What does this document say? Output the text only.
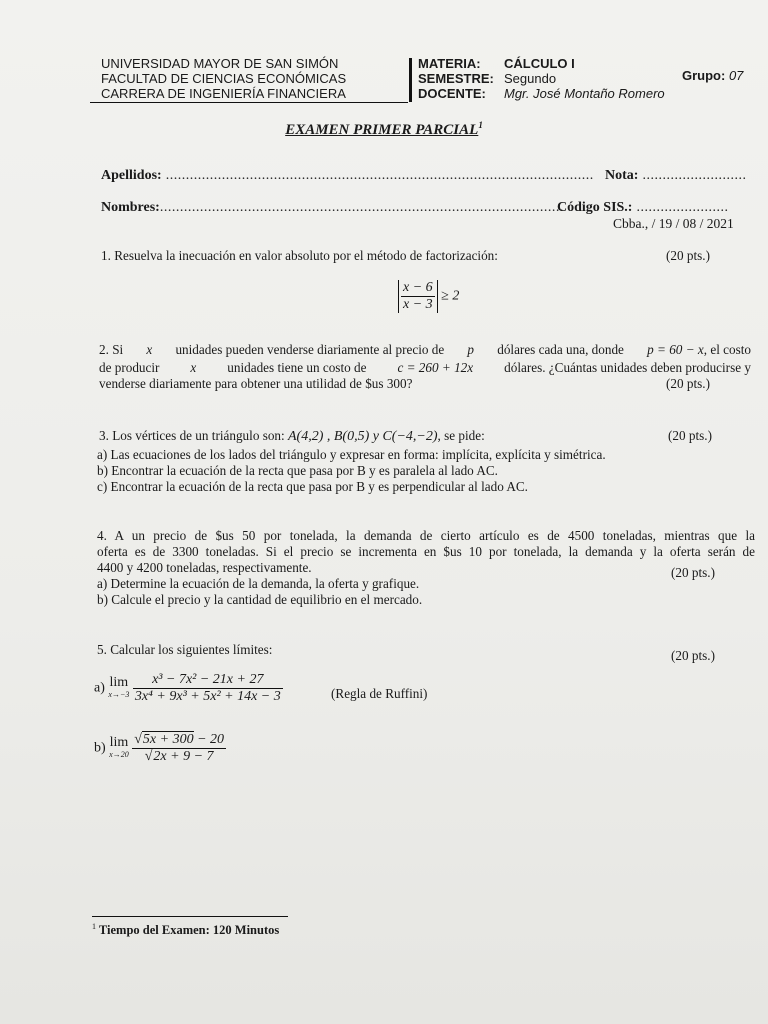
UNIVERSIDAD MAYOR DE SAN SIMÓN
FACULTAD DE CIENCIAS ECONÓMICAS
CARRERA DE INGENIERÍA FINANCIERA
MATERIA: CÁLCULO I
SEMESTRE: Segundo
DOCENTE: Mgr. José Montaño Romero
Grupo: 07
EXAMEN PRIMER PARCIAL$^1$
Apellidos: ........................................................................................................... Nota: ..........................
Nombres:.....................................................................................................
Código SIS.: .......................
Cbba., / 19 / 08 / 2021
1. Resuelva la inecuación en valor absoluto por el método de factorización:	(20 pts.)
$\frac{x - 6}{x - 3} \ge 2$
2. Si x unidades pueden venderse diariamente al precio de p dólares cada una, donde p = 60 − x, el costo
de producir x unidades tiene un costo de c = 260 + 12x dólares. ¿Cuántas unidades deben producirse y
venderse diariamente para obtener una utilidad de $us 300?	(20 pts.)
3. Los vértices de un triángulo son: A(4,2) , B(0,5) y C(−4,−2), se pide:	(20 pts.)
a) Las ecuaciones de los lados del triángulo y expresar en forma: implícita, explícita y simétrica.
b) Encontrar la ecuación de la recta que pasa por B y es paralela al lado AC.
c) Encontrar la ecuación de la recta que pasa por B y es perpendicular al lado AC.
4. A un precio de $us 50 por tonelada, la demanda de cierto artículo es de 4500 toneladas, mientras que la
oferta es de 3300 toneladas. Si el precio se incrementa en $us 10 por tonelada, la demanda y la oferta serán de
4400 y 4200 toneladas, respectivamente.
a) Determine la ecuación de la demanda, la oferta y grafique.
b) Calcule el precio y la cantidad de equilibrio en el mercado.
(20 pts.)
5. Calcular los siguientes límites:	(20 pts.)
a) lim
x→−3
$\frac{\text{x³ − 7x² − 21x + 27}}{\text{3x⁴ + 9x³ + 5x² + 14x − 3}}$	(Regla de Ruffini)
b) lim
x→20
$\frac{√5x + 300 - 20}{√2x + 9 - 7}$
$^1$ Tiempo del Examen: 120 Minutos
